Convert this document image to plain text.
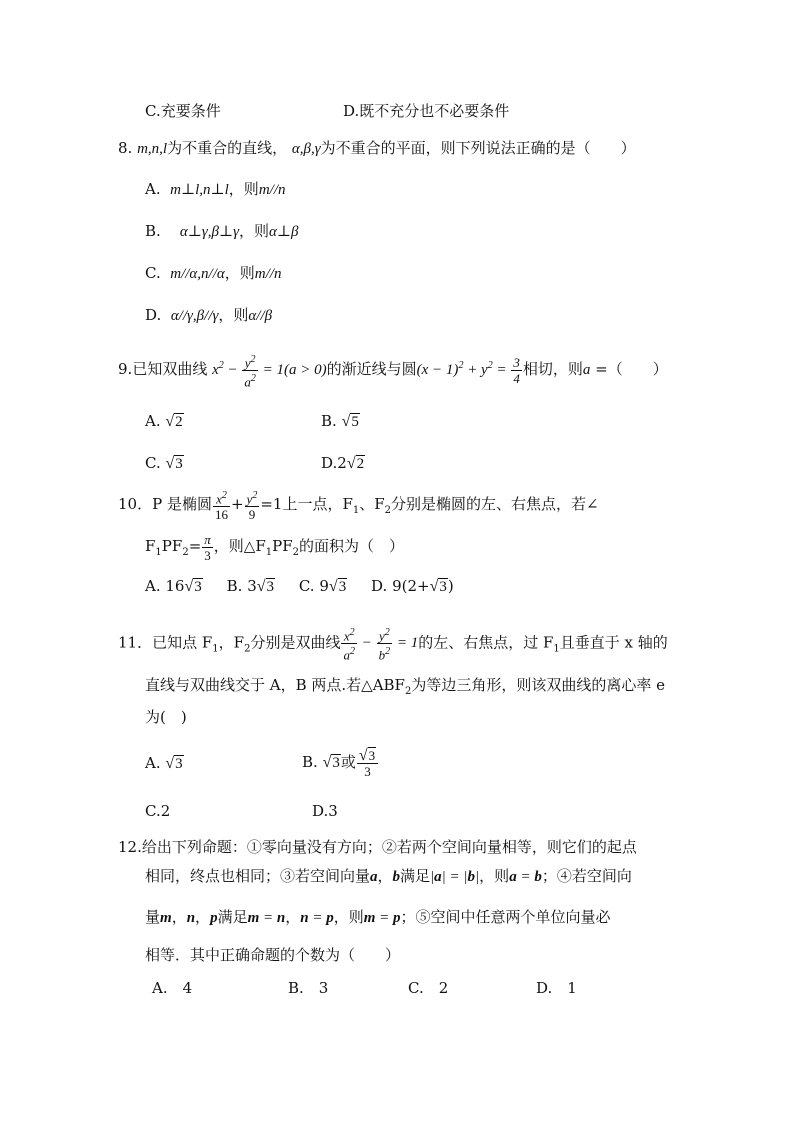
C.充要条件	D.既不充分也不必要条件
8. m,n,l为不重合的直线， α,β,γ为不重合的平面，则下列说法正确的是（　　）
A. m⊥l,n⊥l，则m//n
B. α⊥γ,β⊥γ，则α⊥β
C. m//α,n//α，则m//n
D. α//γ,β//γ，则α//β
9.已知双曲线 $x^2 - \frac{y^2}{a^2} = 1(a > 0)$的渐近线与圆$(x - 1)^2 + y^2 = \frac{3}{4}$ 相切，则a =（　　）
A. √2	B. √5
C. √3	D.2√2
10．P 是椭圆 $\frac{x^2}{16} + \frac{y^2}{9} =1$上一点，$F_1$、$F_2$分别是椭圆的左、右焦点，若∠
$F_1PF_2= \frac{\pi}{3}$ ，则$\triangle F_1PF_2$的面积为（　）
A. 16√3 B. 3√3 C. 9√3 D. 9(2+√3)
11．已知点 $F_1$，$F_2$分别是双曲线 $\frac{x^2}{a^2} - \frac{y^2}{b^2} = 1$的左、右焦点，过 $F_1$且垂直于 x 轴的
直线与双曲线交于 A，B 两点.若$\triangle ABF_2$为等边三角形，则该双曲线的离心率 e
为(　)
A. √3	B. √3或 $\frac{√3}{3}$
C.2	D.3
12.给出下列命题：①零向量没有方向；②若两个空间向量相等，则它们的起点
相同，终点也相同；③若空间向量a，b满足|a| = |b|，则a = b；④若空间向
量m，n，p满足m = n，n = p，则m = p；⑤空间中任意两个单位向量必
相等．其中正确命题的个数为（　　）
A.　4	B.　3	C.　2	D.　1
